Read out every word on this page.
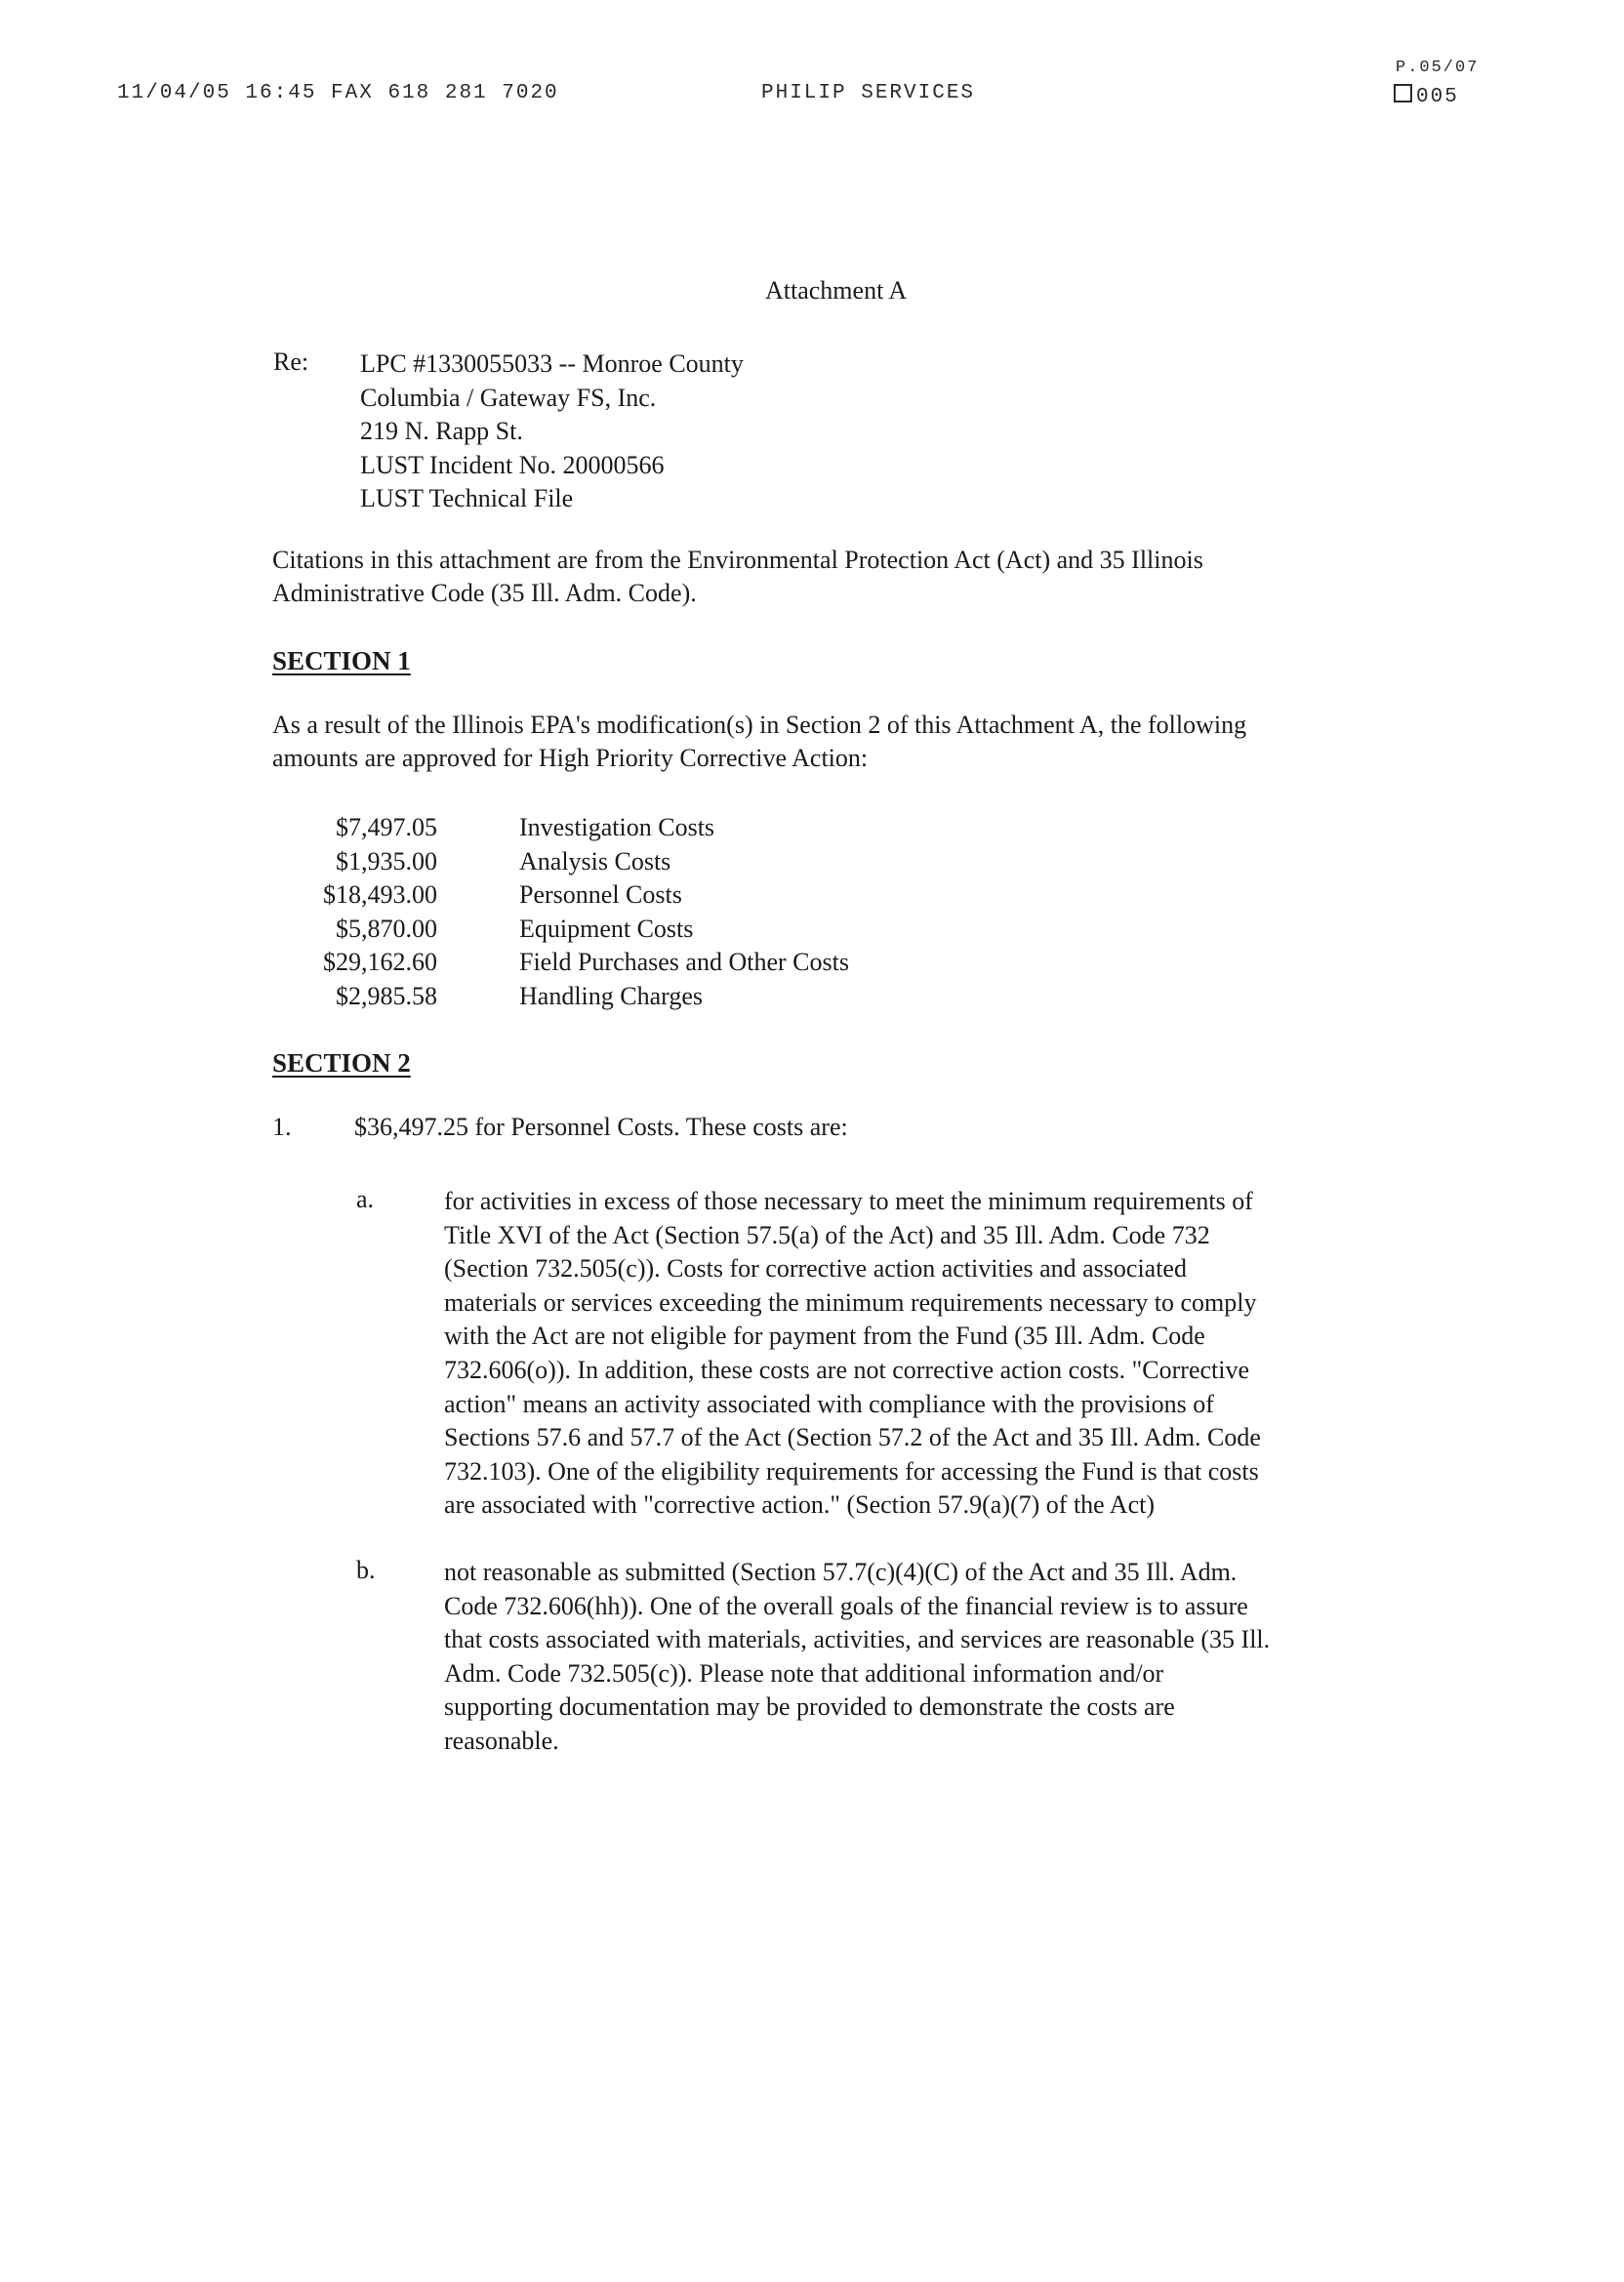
11/04/05 16:45 FAX 618 281 7020	PHILIP SERVICES
P.05/07
005
Attachment A
Re: LPC #1330055033 -- Monroe County
Columbia / Gateway FS, Inc.
219 N. Rapp St.
LUST Incident No. 20000566
LUST Technical File
Citations in this attachment are from the Environmental Protection Act (Act) and 35 Illinois
Administrative Code (35 Ill. Adm. Code).
SECTION 1
As a result of the Illinois EPA's modification(s) in Section 2 of this Attachment A, the following
amounts are approved for High Priority Corrective Action:
$7,497.05	Investigation Costs
$1,935.00	Analysis Costs
$18,493.00	Personnel Costs
$5,870.00	Equipment Costs
$29,162.60	Field Purchases and Other Costs
$2,985.58	Handling Charges
SECTION 2
1. $36,497.25 for Personnel Costs. These costs are:
a.	for activities in excess of those necessary to meet the minimum requirements of
Title XVI of the Act (Section 57.5(a) of the Act) and 35 Ill. Adm. Code 732
(Section 732.505(c)). Costs for corrective action activities and associated
materials or services exceeding the minimum requirements necessary to comply
with the Act are not eligible for payment from the Fund (35 Ill. Adm. Code
732.606(o)). In addition, these costs are not corrective action costs. "Corrective
action" means an activity associated with compliance with the provisions of
Sections 57.6 and 57.7 of the Act (Section 57.2 of the Act and 35 Ill. Adm. Code
732.103). One of the eligibility requirements for accessing the Fund is that costs
are associated with "corrective action." (Section 57.9(a)(7) of the Act)
b.	not reasonable as submitted (Section 57.7(c)(4)(C) of the Act and 35 Ill. Adm.
Code 732.606(hh)). One of the overall goals of the financial review is to assure
that costs associated with materials, activities, and services are reasonable (35 Ill.
Adm. Code 732.505(c)). Please note that additional information and/or
supporting documentation may be provided to demonstrate the costs are
reasonable.
